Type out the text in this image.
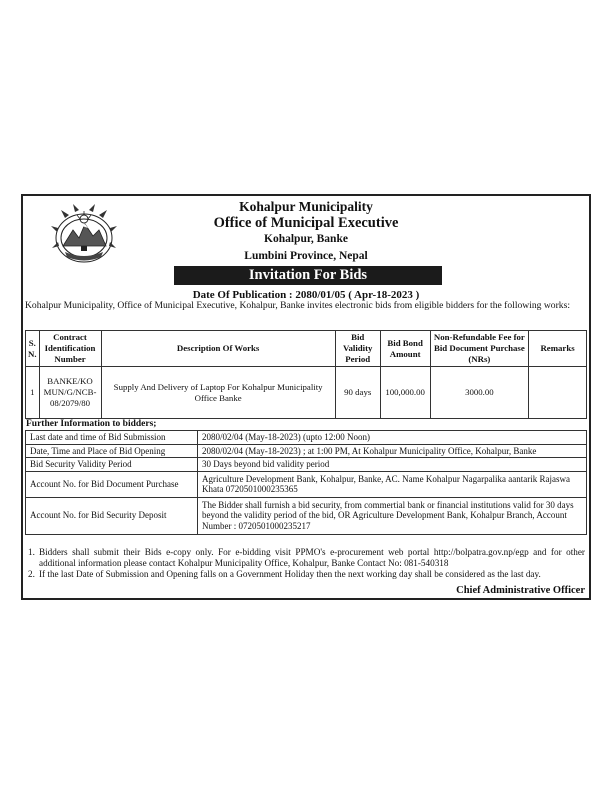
Kohalpur Municipality
Office of Municipal Executive
Kohalpur, Banke
Lumbini Province, Nepal
Invitation For Bids
Date Of Publication : 2080/01/05 ( Apr-18-2023 )
Kohalpur Municipality, Office of Municipal Executive, Kohalpur, Banke invites electronic bids from eligible bidders for the following works:
S. N.	Contract Identification Number	Description Of Works	Bid Validity Period	Bid Bond Amount	Non-Refundable Fee for Bid Document Purchase (NRs)	Remarks
1	BANKE/KO MUN/G/NCB-08/2079/80	Supply And Delivery of Laptop For Kohalpur Municipality Office Banke	90 days	100,000.00	3000.00	
Further Information to bidders;
Last date and time of Bid Submission	2080/02/04 (May-18-2023) (upto 12:00 Noon)
Date, Time and Place of Bid Opening	2080/02/04 (May-18-2023) ; at 1:00 PM, At Kohalpur Municipality Office, Kohalpur, Banke
Bid Security Validity Period	30 Days beyond bid validity period
Account No. for Bid Document Purchase	Agriculture Development Bank, Kohalpur, Banke, AC. Name Kohalpur Nagarpalika aantarik Rajaswa Khata 0720501000235365
Account No. for Bid Security Deposit	The Bidder shall furnish a bid security, from commertial bank or financial institutions valid for 30 days beyond the validity period of the bid, OR Agriculture Development Bank, Kohalpur Branch, Account Number : 0720501000235217
1. Bidders shall submit their Bids e-copy only. For e-bidding visit PPMO's e-procurement web portal http://bolpatra.gov.np/egp and for other additional information please contact Kohalpur Municipality Office, Kohalpur, Banke Contact No: 081-540318
2. If the last Date of Submission and Opening falls on a Government Holiday then the next working day shall be considered as the last day.
Chief Administrative Officer
